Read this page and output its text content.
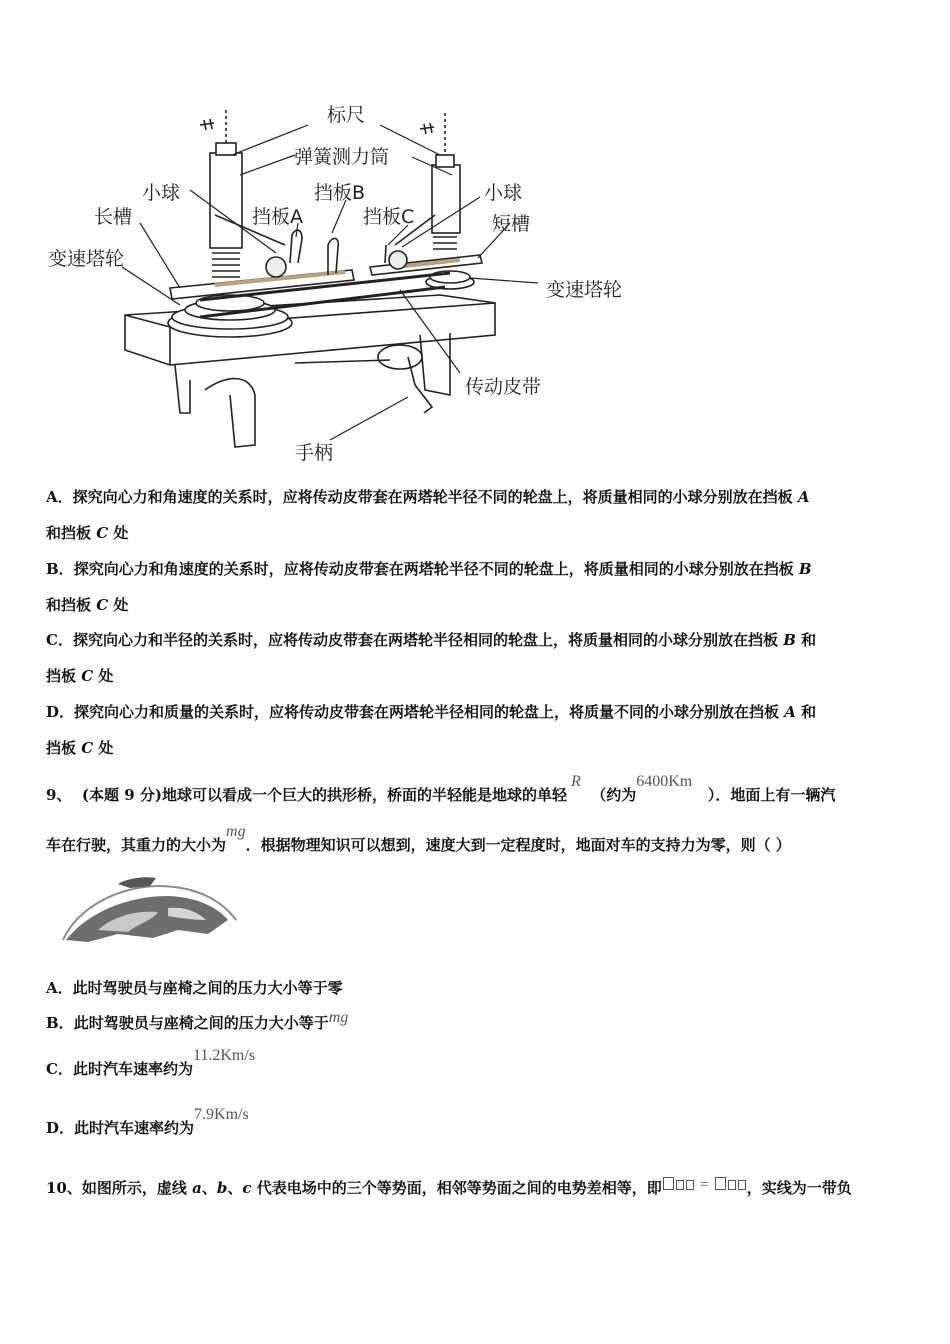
标尺
弹簧测力筒
小球	挡板B	小球
长槽	挡板A	挡板C	短槽
变速塔轮
变速塔轮
传动皮带
手柄
A．探究向心力和角速度的关系时，应将传动皮带套在两塔轮半径不同的轮盘上，将质量相同的小球分别放在挡板 A
和挡板 C 处
B．探究向心力和角速度的关系时，应将传动皮带套在两塔轮半径不同的轮盘上，将质量相同的小球分别放在挡板 B
和挡板 C 处
C．探究向心力和半径的关系时，应将传动皮带套在两塔轮半径相同的轮盘上，将质量相同的小球分别放在挡板 B 和
挡板 C 处
D．探究向心力和质量的关系时，应将传动皮带套在两塔轮半径相同的轮盘上，将质量不同的小球分别放在挡板 A 和
挡板 C 处
9、 (本题 9 分)地球可以看成一个巨大的拱形桥，桥面的半轻能是地球的单轻R  （约为6400Km   ）．地面上有一辆汽
车在行驶，其重力的大小为mg．根据物理知识可以想到，速度大到一定程度时，地面对车的支持力为零，则（ ）
A．此时驾驶员与座椅之间的压力大小等于零
B．此时驾驶员与座椅之间的压力大小等于mg
C．此时汽车速率约为11.2Km/s
D．此时汽车速率约为7.9Km/s
10、如图所示，虚线 a、b、c 代表电场中的三个等势面，相邻等势面之间的电势差相等，即	=	，实线为一带负
